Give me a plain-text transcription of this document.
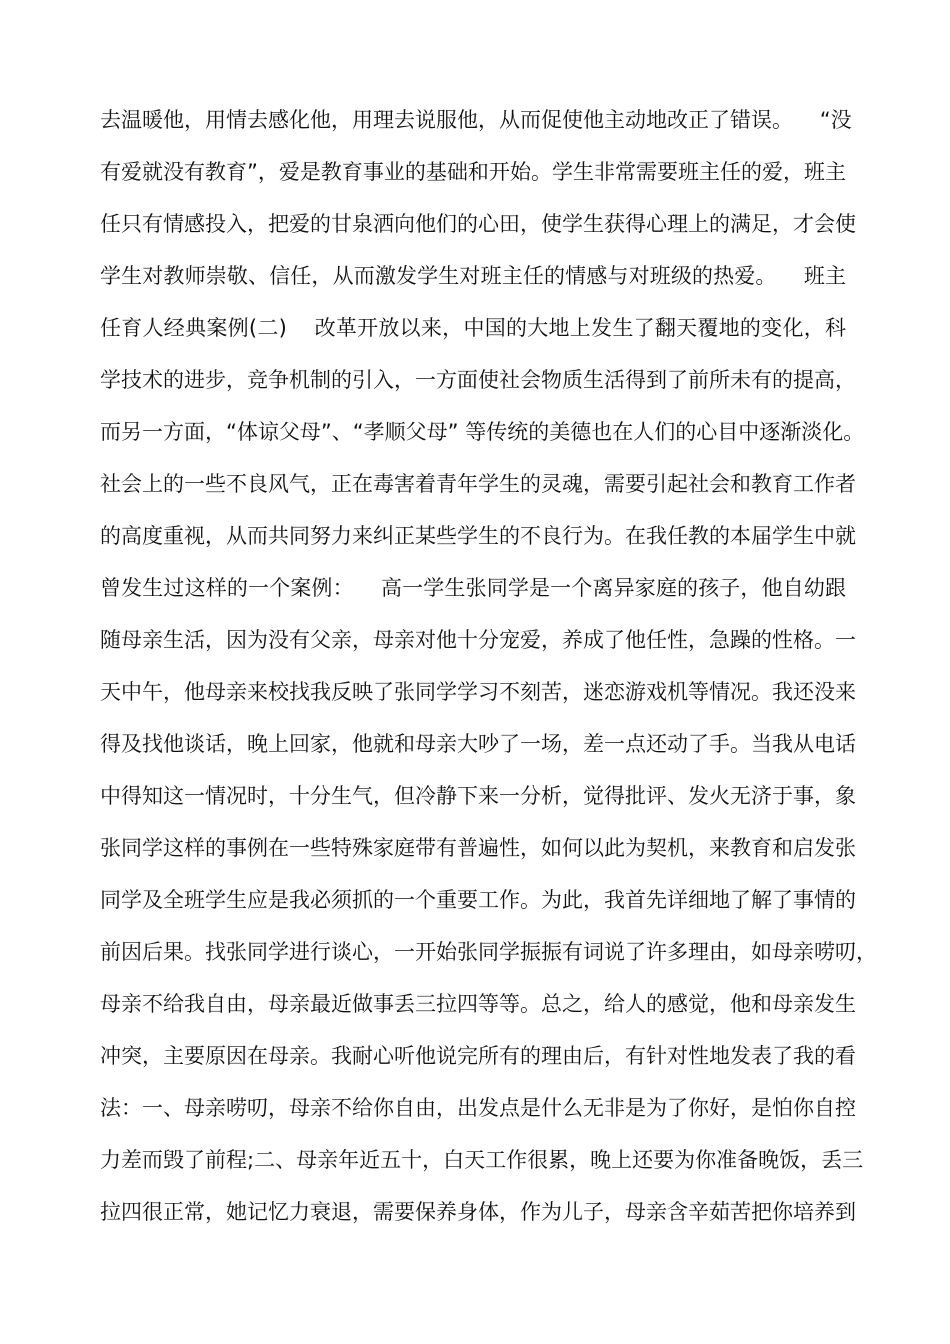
去温暖他，用情去感化他，用理去说服他，从而促使他主动地改正了错误。    “没
有爱就没有教育”，爱是教育事业的基础和开始。学生非常需要班主任的爱，班主
任只有情感投入，把爱的甘泉洒向他们的心田，使学生获得心理上的满足，才会使
学生对教师崇敬、信任，从而激发学生对班主任的情感与对班级的热爱。    班主
任育人经典案例(二)    改革开放以来，中国的大地上发生了翻天覆地的变化，科
学技术的进步，竞争机制的引入，一方面使社会物质生活得到了前所未有的提高，
而另一方面，“体谅父母”、“孝顺父母” 等传统的美德也在人们的心目中逐渐淡化。
社会上的一些不良风气，正在毒害着青年学生的灵魂，需要引起社会和教育工作者
的高度重视，从而共同努力来纠正某些学生的不良行为。在我任教的本届学生中就
曾发生过这样的一个案例：    高一学生张同学是一个离异家庭的孩子，他自幼跟
随母亲生活，因为没有父亲，母亲对他十分宠爱，养成了他任性，急躁的性格。一
天中午，他母亲来校找我反映了张同学学习不刻苦，迷恋游戏机等情况。我还没来
得及找他谈话，晚上回家，他就和母亲大吵了一场，差一点还动了手。当我从电话
中得知这一情况时，十分生气，但冷静下来一分析，觉得批评、发火无济于事，象
张同学这样的事例在一些特殊家庭带有普遍性，如何以此为契机，来教育和启发张
同学及全班学生应是我必须抓的一个重要工作。为此，我首先详细地了解了事情的
前因后果。找张同学进行谈心，一开始张同学振振有词说了许多理由，如母亲唠叨，
母亲不给我自由，母亲最近做事丢三拉四等等。总之，给人的感觉，他和母亲发生
冲突，主要原因在母亲。我耐心听他说完所有的理由后，有针对性地发表了我的看
法：一、母亲唠叨，母亲不给你自由，出发点是什么无非是为了你好，是怕你自控
力差而毁了前程;二、母亲年近五十，白天工作很累，晚上还要为你准备晚饭，丢三
拉四很正常，她记忆力衰退，需要保养身体，作为儿子，母亲含辛茹苦把你培养到
